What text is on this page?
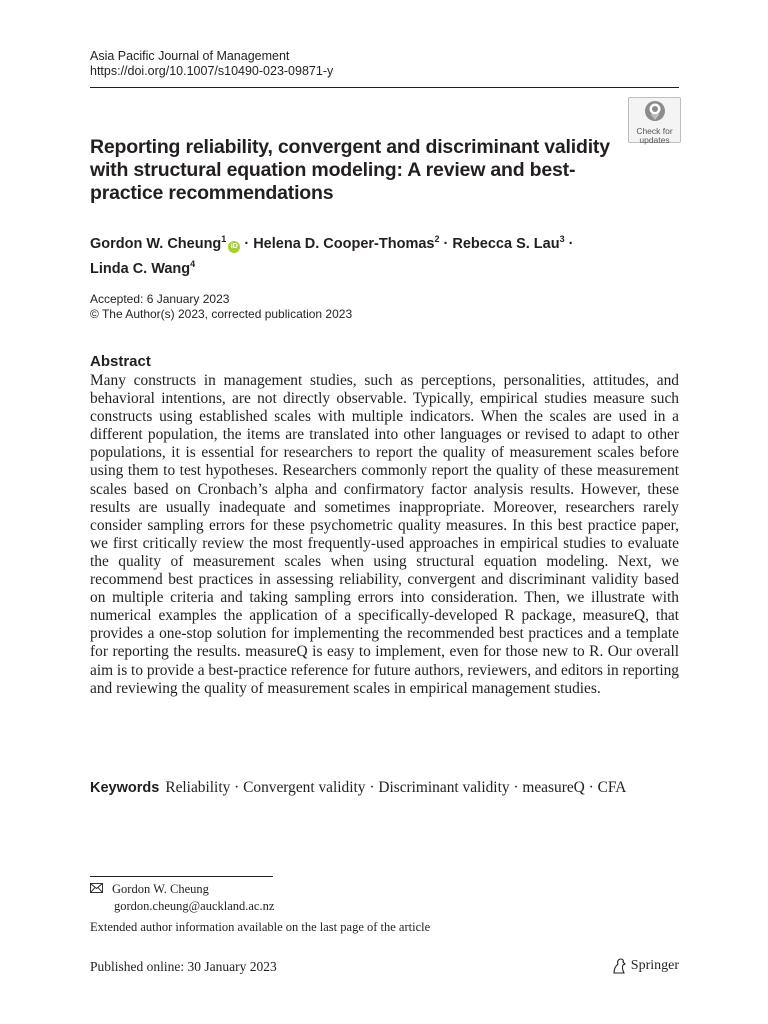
Asia Pacific Journal of Management
https://doi.org/10.1007/s10490-023-09871-y
Check for
updates
Reporting reliability, convergent and discriminant validity with structural equation modeling: A review and best-practice recommendations
Gordon W. Cheung$^1$iD · Helena D. Cooper-Thomas$^2$ · Rebecca S. Lau$^3$ ·
Linda C. Wang$^4$
Accepted: 6 January 2023
© The Author(s) 2023, corrected publication 2023
Abstract

Many constructs in management studies, such as perceptions, personalities, attitudes, and behavioral intentions, are not directly observable. Typically, empirical studies measure such constructs using established scales with multiple indicators. When the scales are used in a different population, the items are translated into other languages or revised to adapt to other populations, it is essential for researchers to report the quality of measurement scales before using them to test hypotheses. Researchers commonly report the quality of these measurement scales based on Cronbach’s alpha and confirmatory factor analysis results. However, these results are usually inadequate and sometimes inappropriate. Moreover, researchers rarely consider sampling errors for these psychometric quality measures. In this best practice paper, we first critically review the most frequently-used approaches in empirical studies to evaluate the quality of measurement scales when using structural equation modeling. Next, we recommend best practices in assessing reliability, convergent and discriminant validity based on multiple criteria and taking sampling errors into consideration. Then, we illustrate with numerical examples the application of a specifically-developed R package, measureQ, that provides a one-stop solution for implementing the recommended best practices and a template for reporting the results. measureQ is easy to implement, even for those new to R. Our overall aim is to provide a best-practice reference for future authors, reviewers, and editors in reporting and reviewing the quality of measurement scales in empirical management studies.

Keywords Reliability · Convergent validity · Discriminant validity · measureQ · CFA
Gordon W. Cheung
gordon.cheung@auckland.ac.nz
Extended author information available on the last page of the article
Published online: 30 January 2023	Springer
